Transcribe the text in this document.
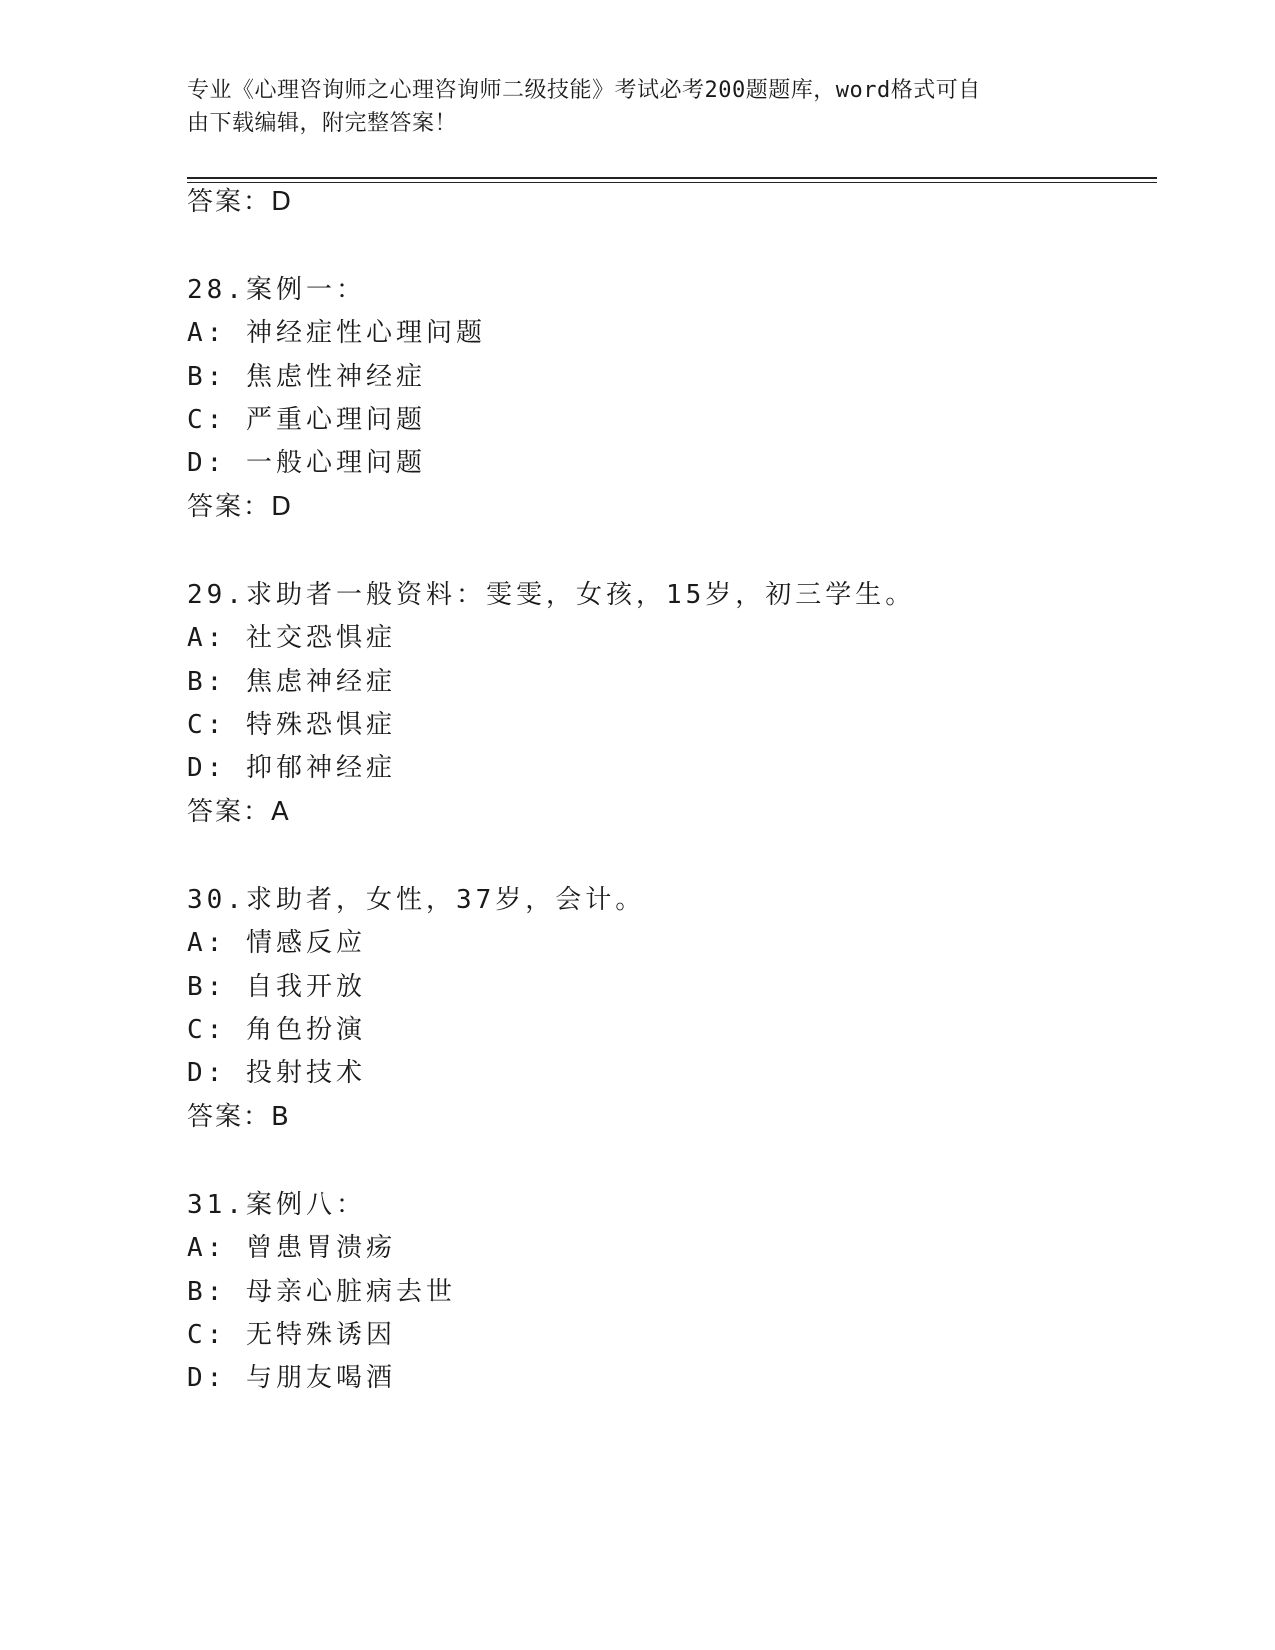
专业《心理咨询师之心理咨询师二级技能》考试必考200题题库，word格式可自
由下载编辑，附完整答案！
答案：D
28.案例一：
A: 神经症性心理问题
B: 焦虑性神经症
C: 严重心理问题
D: 一般心理问题
答案：D
29.求助者一般资料：雯雯，女孩，15岁，初三学生。
A: 社交恐惧症
B: 焦虑神经症
C: 特殊恐惧症
D: 抑郁神经症
答案：A
30.求助者，女性，37岁，会计。
A: 情感反应
B: 自我开放
C: 角色扮演
D: 投射技术
答案：B
31.案例八：
A: 曾患胃溃疡
B: 母亲心脏病去世
C: 无特殊诱因
D: 与朋友喝酒
